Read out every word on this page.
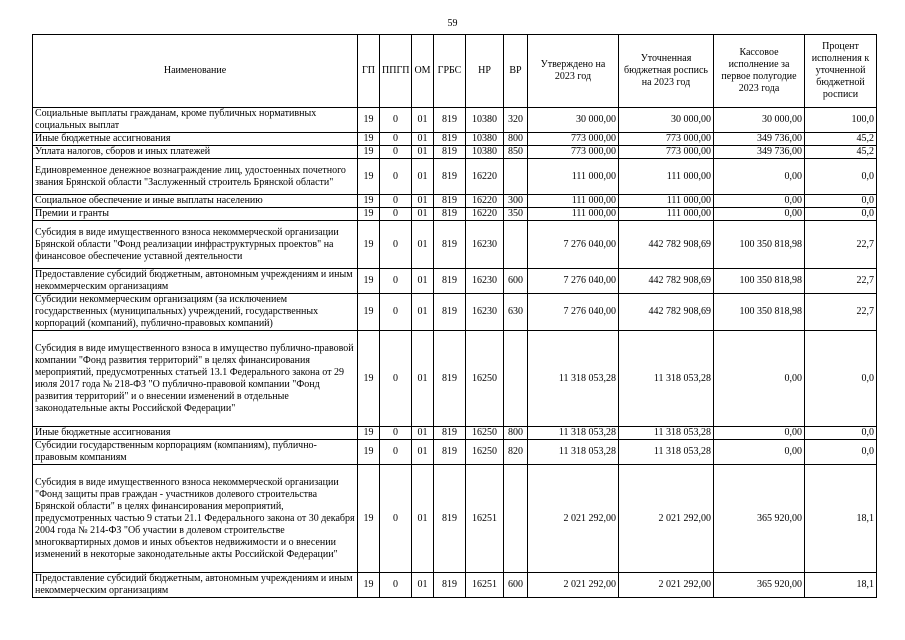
59
Наименование	ГП	ППГП	ОМ	ГРБС	НР	ВР	Утверждено на 2023 год	Уточненная бюджетная роспись на 2023 год	Кассовое исполнение за первое полугодие 2023 года	Процент исполнения к уточненной бюджетной росписи
Социальные выплаты гражданам, кроме публичных нормативных социальных выплат	19	0	01	819	10380	320	30 000,00	30 000,00	30 000,00	100,0
Иные бюджетные ассигнования	19	0	01	819	10380	800	773 000,00	773 000,00	349 736,00	45,2
Уплата налогов, сборов и иных платежей	19	0	01	819	10380	850	773 000,00	773 000,00	349 736,00	45,2
Единовременное денежное вознаграждение лиц, удостоенных почетного звания Брянской области "Заслуженный строитель Брянской области"	19	0	01	819	16220		111 000,00	111 000,00	0,00	0,0
Социальное обеспечение и иные выплаты населению	19	0	01	819	16220	300	111 000,00	111 000,00	0,00	0,0
Премии и гранты	19	0	01	819	16220	350	111 000,00	111 000,00	0,00	0,0
Субсидия в виде имущественного взноса некоммерческой организации Брянской области "Фонд реализации инфраструктурных проектов" на финансовое обеспечение уставной деятельности	19	0	01	819	16230		7 276 040,00	442 782 908,69	100 350 818,98	22,7
Предоставление субсидий бюджетным, автономным учреждениям и иным некоммерческим организациям	19	0	01	819	16230	600	7 276 040,00	442 782 908,69	100 350 818,98	22,7
Субсидии некоммерческим организациям (за исключением государственных (муниципальных) учреждений, государственных корпораций (компаний), публично-правовых компаний)	19	0	01	819	16230	630	7 276 040,00	442 782 908,69	100 350 818,98	22,7
Субсидия в виде имущественного взноса в имущество публично-правовой компании "Фонд развития территорий" в целях финансирования мероприятий, предусмотренных статьей 13.1 Федерального закона от 29 июля 2017 года № 218-ФЗ "О публично-правовой компании "Фонд развития территорий" и о внесении изменений в отдельные законодательные акты Российской Федерации"	19	0	01	819	16250		11 318 053,28	11 318 053,28	0,00	0,0
Иные бюджетные ассигнования	19	0	01	819	16250	800	11 318 053,28	11 318 053,28	0,00	0,0
Субсидии государственным корпорациям (компаниям), публично-правовым компаниям	19	0	01	819	16250	820	11 318 053,28	11 318 053,28	0,00	0,0
Субсидия в виде имущественного взноса некоммерческой организации "Фонд защиты прав граждан - участников долевого строительства Брянской области" в целях финансирования мероприятий, предусмотренных частью 9 статьи 21.1 Федерального закона от 30 декабря 2004 года № 214-ФЗ "Об участии в долевом строительстве многоквартирных домов и иных объектов недвижимости и о внесении изменений в некоторые законодательные акты Российской Федерации"	19	0	01	819	16251		2 021 292,00	2 021 292,00	365 920,00	18,1
Предоставление субсидий бюджетным, автономным учреждениям и иным некоммерческим организациям	19	0	01	819	16251	600	2 021 292,00	2 021 292,00	365 920,00	18,1
